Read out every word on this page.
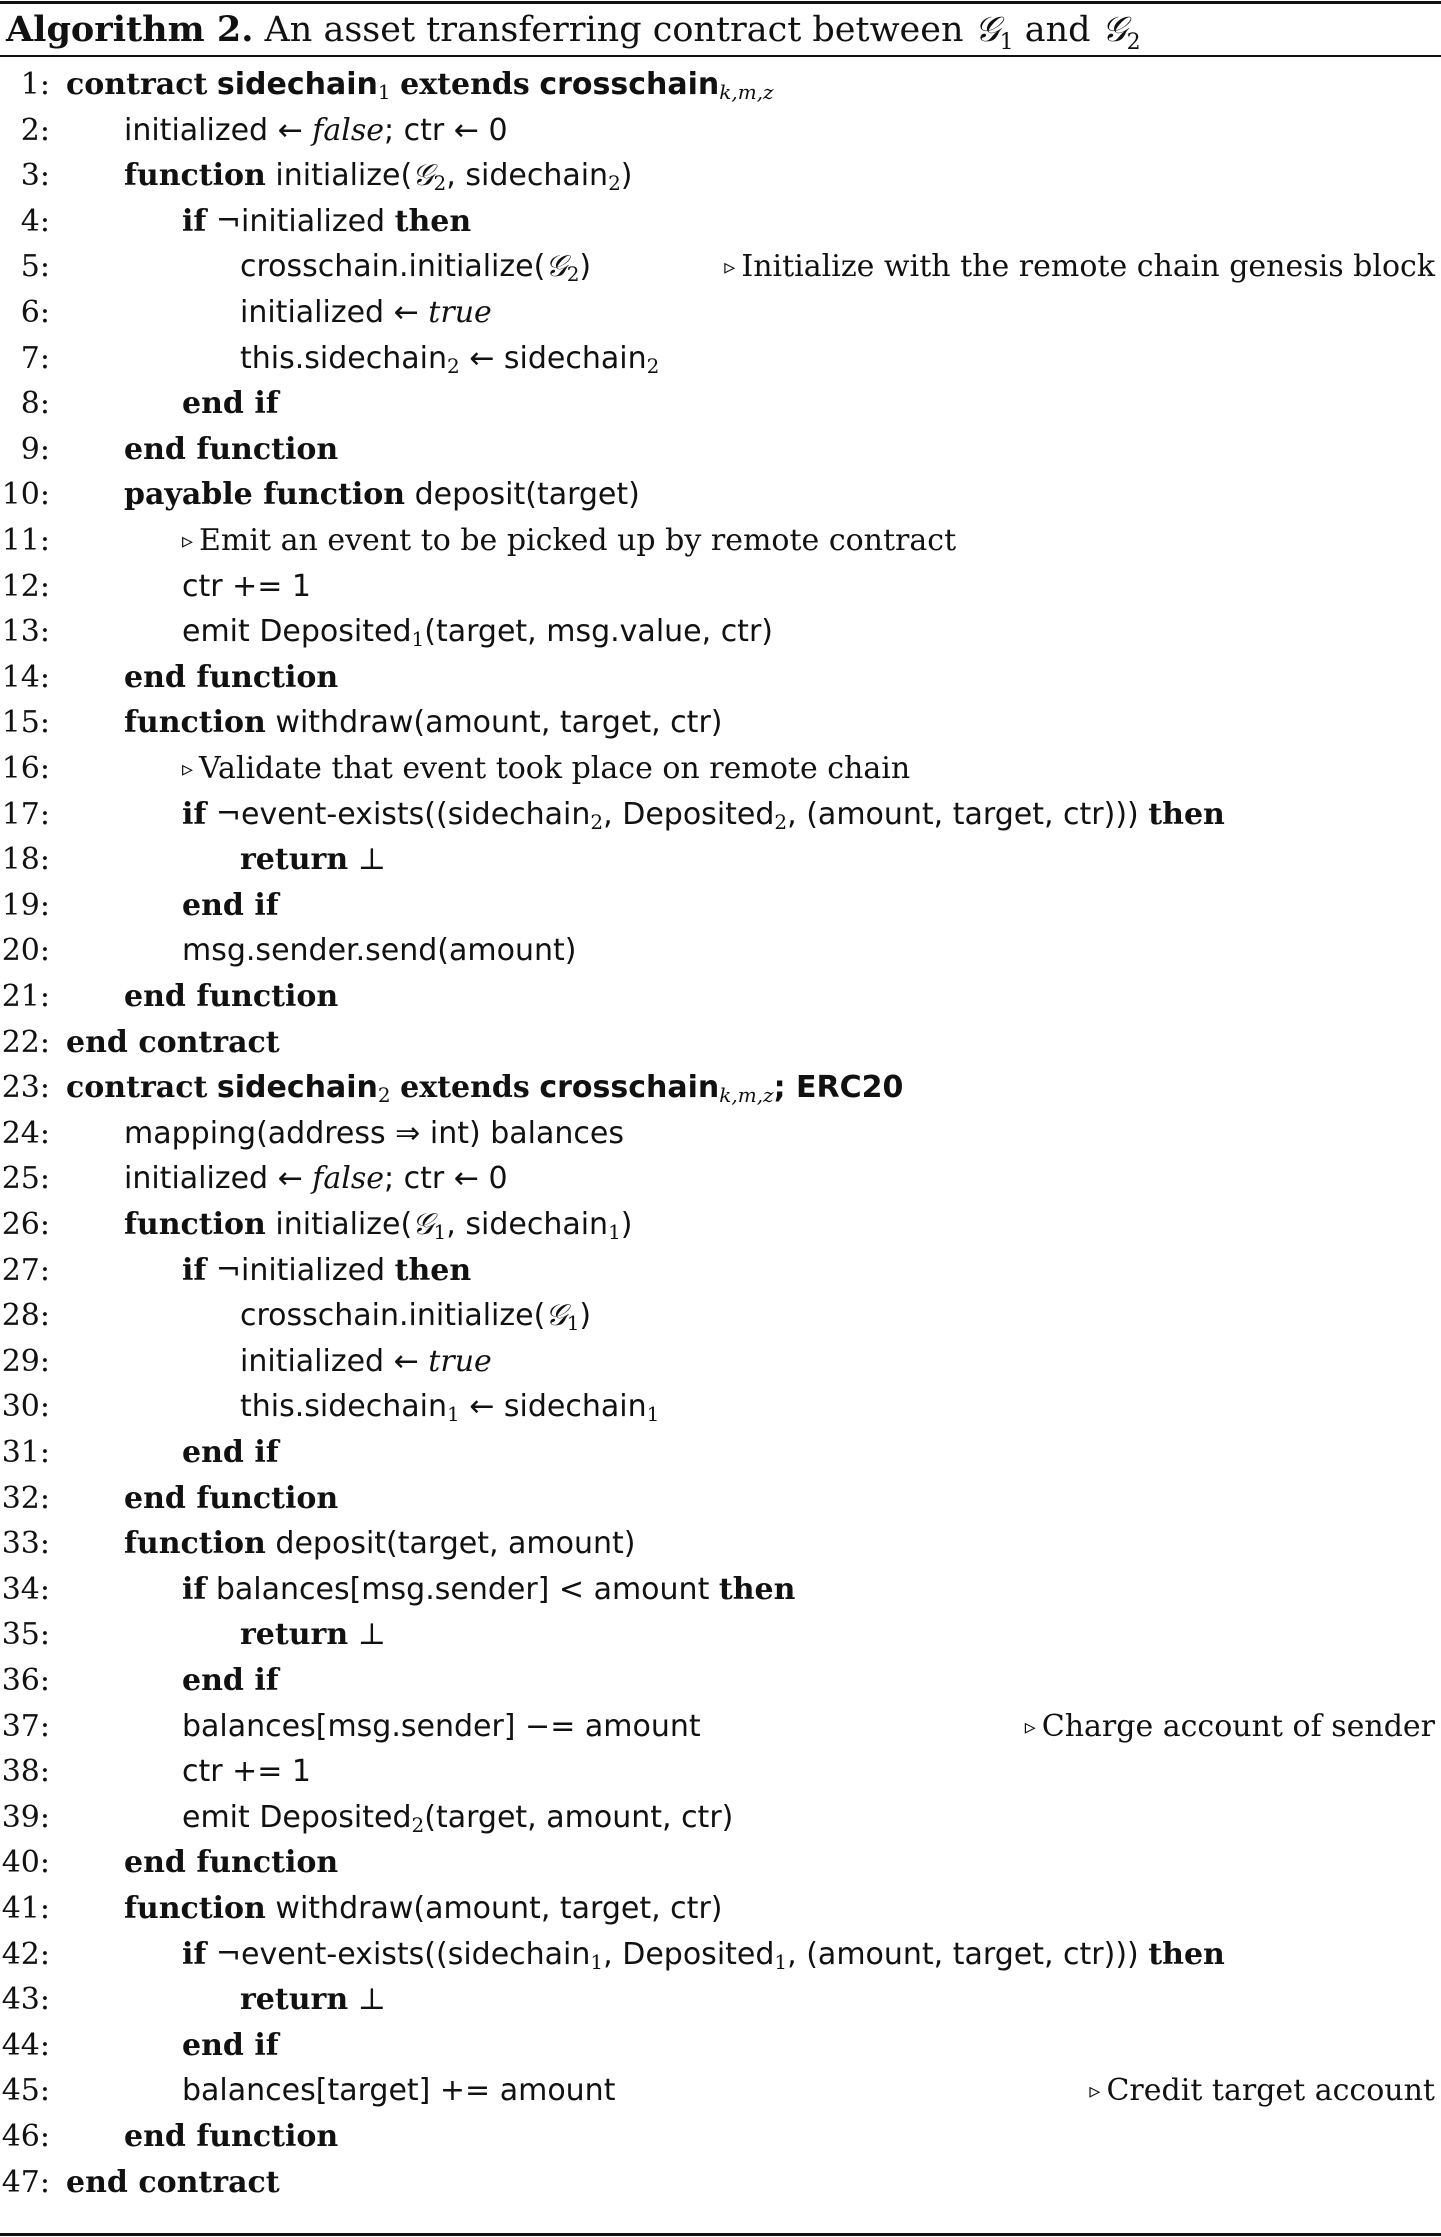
Algorithm 2. An asset transferring contract between 𝒢$_1$ and 𝒢$_2$
1: contract sidechain$_1$ extends crosschain$_{k,m,z}$
2: initialized ← false; ctr ← 0
3: function initialize(𝒢$_2$, sidechain$_2$)
4:	if ¬initialized then
5:	crosschain.initialize(𝒢$_2$)	▹ Initialize with the remote chain genesis block
6:	initialized ← true
7:	this.sidechain$_2$ ← sidechain$_2$
8:	end if
9: end function
10: payable function deposit(target)
11:	▹ Emit an event to be picked up by remote contract
12:	ctr += 1
13:	emit Deposited$_1$(target, msg.value, ctr)
14: end function
15: function withdraw(amount, target, ctr)
16:	▹ Validate that event took place on remote chain
17:	if ¬event-exists((sidechain$_2$, Deposited$_2$, (amount, target, ctr))) then
18:	return ⊥
19:	end if
20:	msg.sender.send(amount)
21: end function
22: end contract
23: contract sidechain$_2$ extends crosschain$_{k,m,z}$; ERC20
24: mapping(address ⇒ int) balances
25: initialized ← false; ctr ← 0
26: function initialize(𝒢$_1$, sidechain$_1$)
27:	if ¬initialized then
28:	crosschain.initialize(𝒢$_1$)
29:	initialized ← true
30:	this.sidechain$_1$ ← sidechain$_1$
31:	end if
32: end function
33: function deposit(target, amount)
34:	if balances[msg.sender] < amount then
35:	return ⊥
36:	end if
37:	balances[msg.sender] −= amount	▹ Charge account of sender
38:	ctr += 1
39:	emit Deposited$_2$(target, amount, ctr)
40: end function
41: function withdraw(amount, target, ctr)
42:	if ¬event-exists((sidechain$_1$, Deposited$_1$, (amount, target, ctr))) then
43:	return ⊥
44:	end if
45:	balances[target] += amount	▹ Credit target account
46: end function
47: end contract
